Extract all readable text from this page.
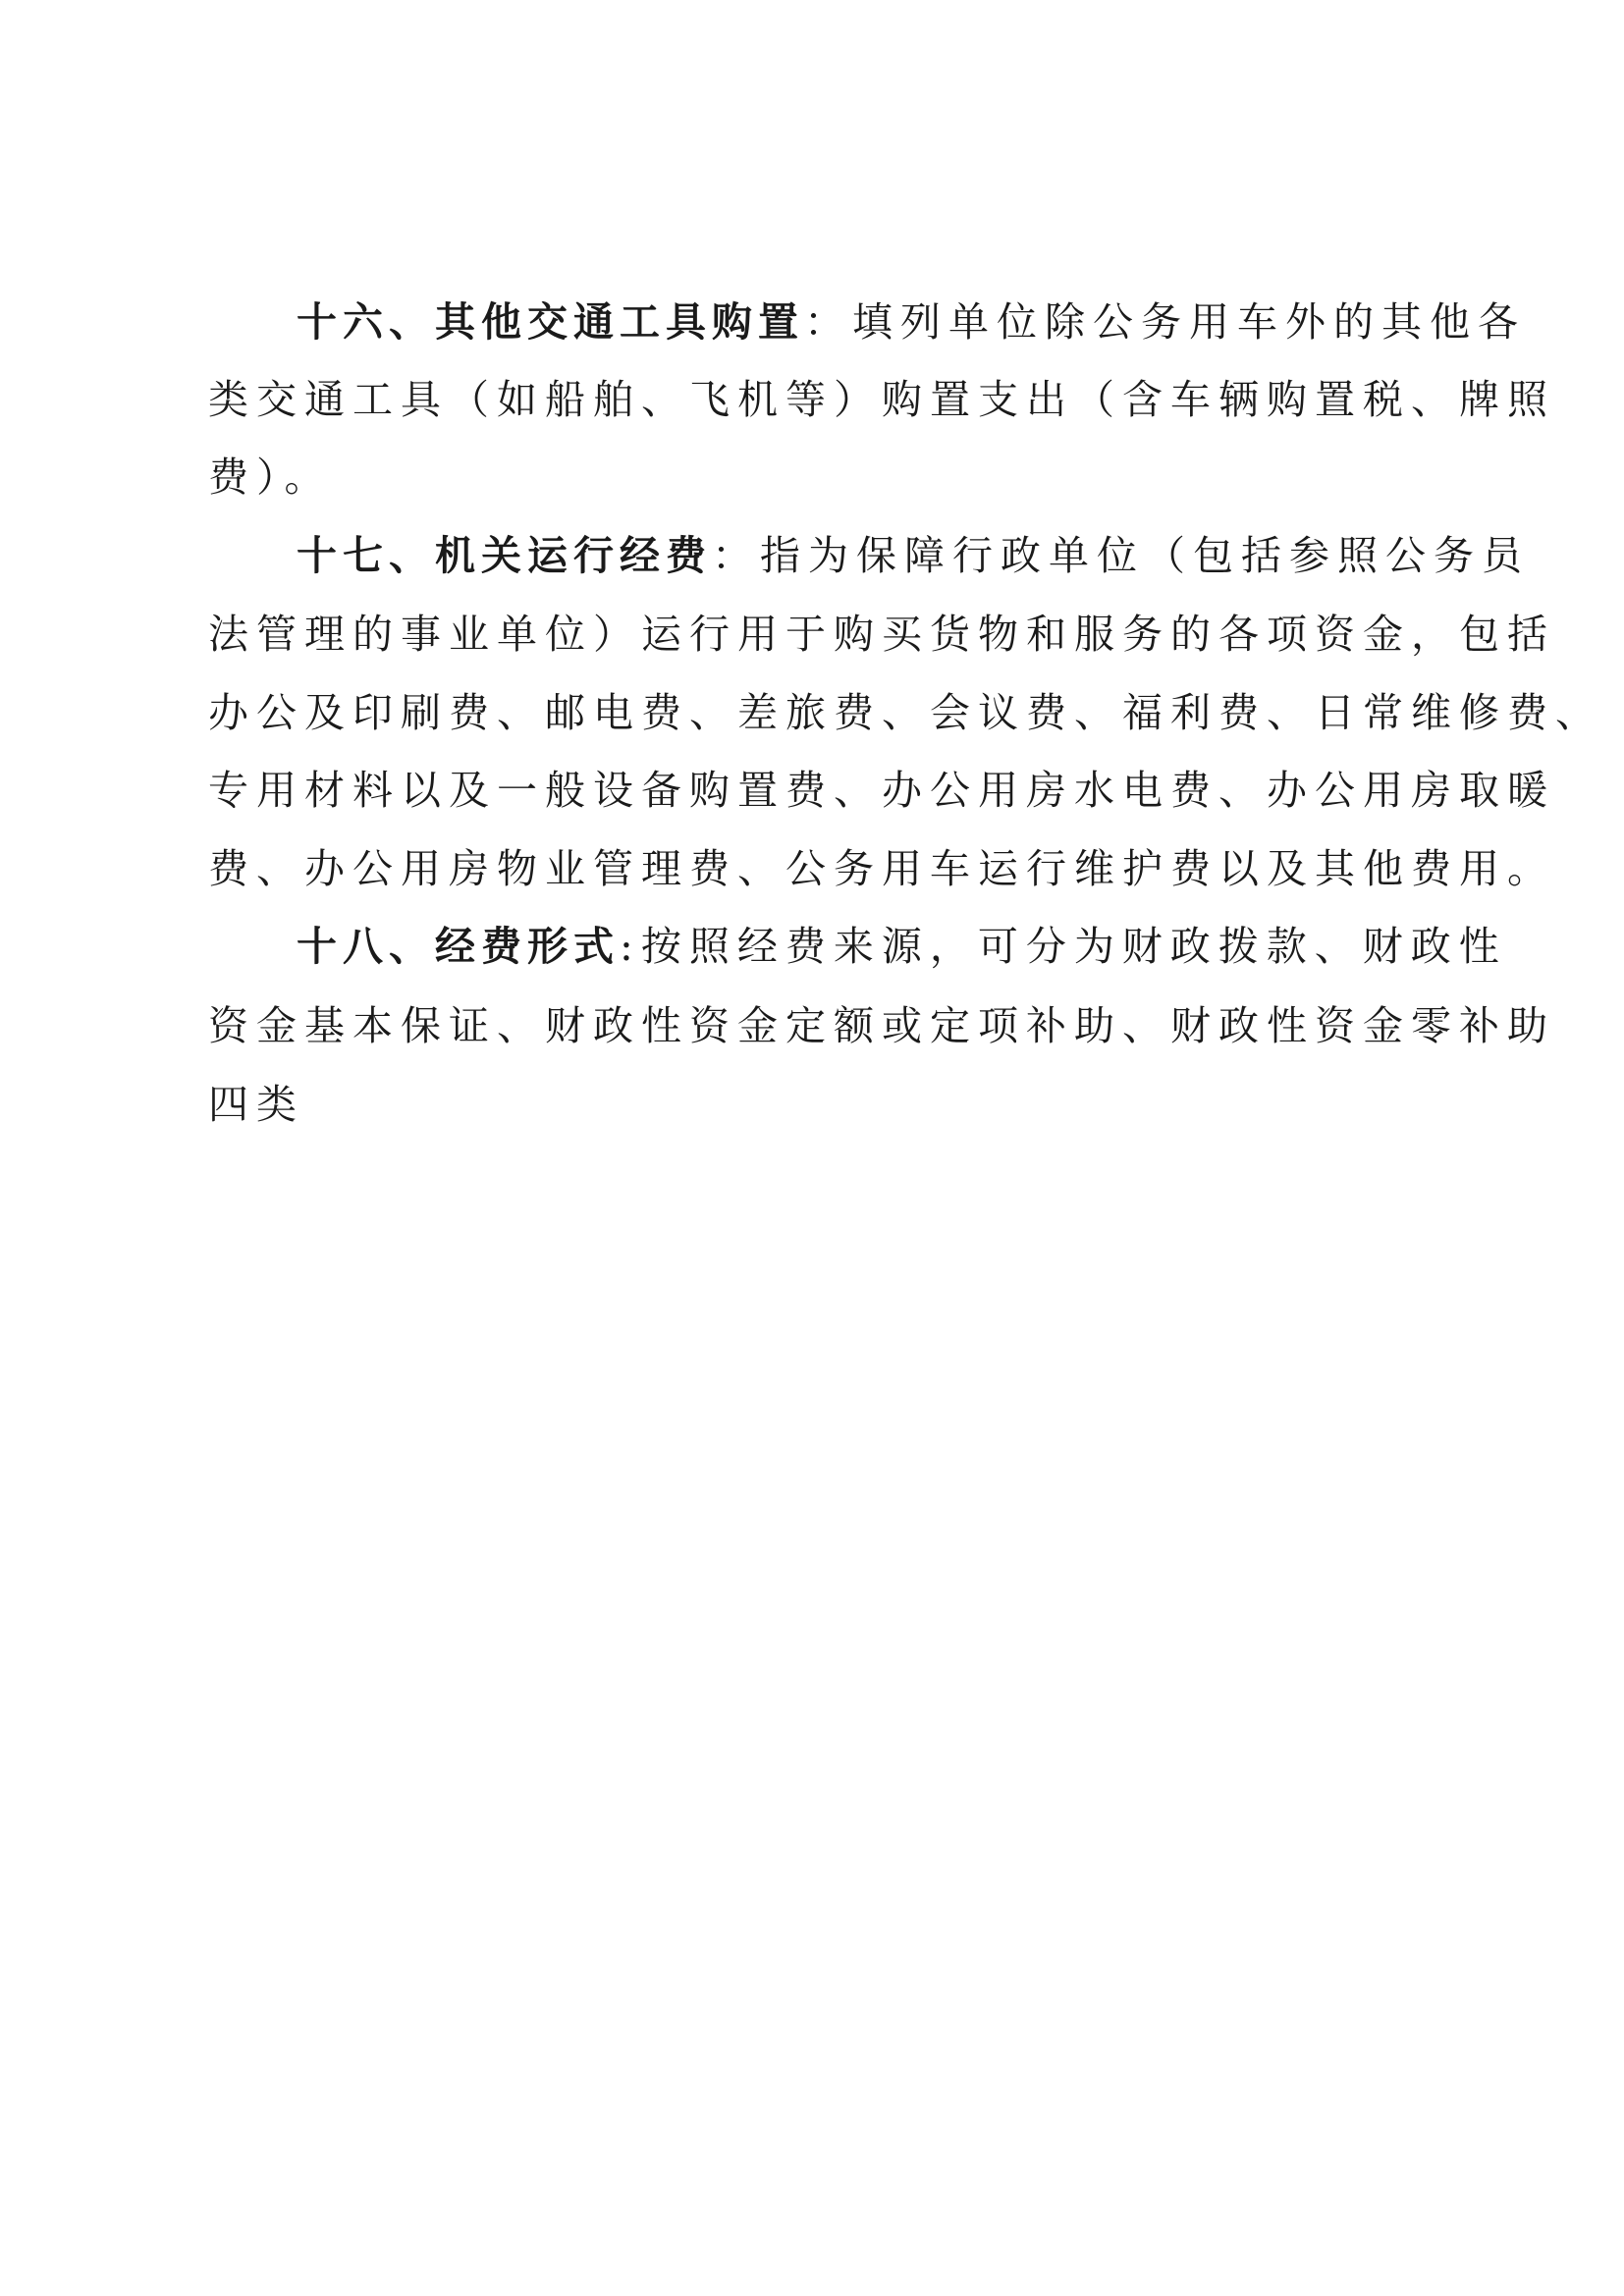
十六、其他交通工具购置：填列单位除公务用车外的其他各
类交通工具（如船舶、飞机等）购置支出（含车辆购置税、牌照
费）。
十七、机关运行经费：指为保障行政单位（包括参照公务员
法管理的事业单位）运行用于购买货物和服务的各项资金，包括
办公及印刷费、邮电费、差旅费、会议费、福利费、日常维修费、
专用材料以及一般设备购置费、办公用房水电费、办公用房取暖
费、办公用房物业管理费、公务用车运行维护费以及其他费用。
十八、经费形式:按照经费来源，可分为财政拨款、财政性
资金基本保证、财政性资金定额或定项补助、财政性资金零补助
四类
